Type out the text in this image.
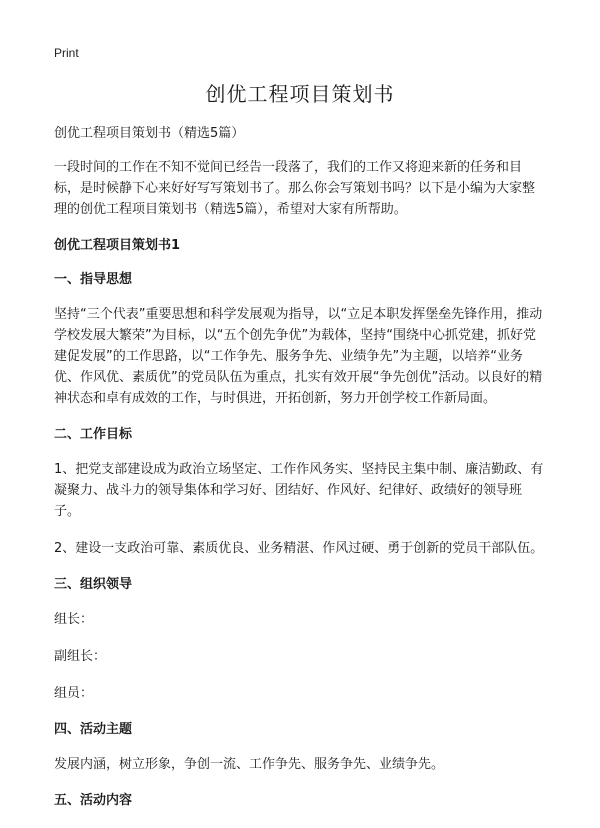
Print
创优工程项目策划书

创优工程项目策划书（精选5篇）

一段时间的工作在不知不觉间已经告一段落了，我们的工作又将迎来新的任务和目标，是时候静下心来好好写写策划书了。那么你会写策划书吗？以下是小编为大家整理的创优工程项目策划书（精选5篇），希望对大家有所帮助。

创优工程项目策划书1
一、指导思想

坚持“三个代表”重要思想和科学发展观为指导，以“立足本职发挥堡垒先锋作用，推动学校发展大繁荣”为目标，以“五个创先争优”为载体，坚持“围绕中心抓党建，抓好党建促发展”的工作思路，以“工作争先、服务争先、业绩争先”为主题，以培养“业务优、作风优、素质优”的党员队伍为重点，扎实有效开展“争先创优”活动。以良好的精神状态和卓有成效的工作，与时俱进，开拓创新，努力开创学校工作新局面。

二、工作目标

1、把党支部建设成为政治立场坚定、工作作风务实、坚持民主集中制、廉洁勤政、有凝聚力、战斗力的领导集体和学习好、团结好、作风好、纪律好、政绩好的领导班子。

2、建设一支政治可靠、素质优良、业务精湛、作风过硬、勇于创新的党员干部队伍。

三、组织领导

组长：

副组长：

组员：

四、活动主题

发展内涵，树立形象，争创一流、工作争先、服务争先、业绩争先。

五、活动内容
